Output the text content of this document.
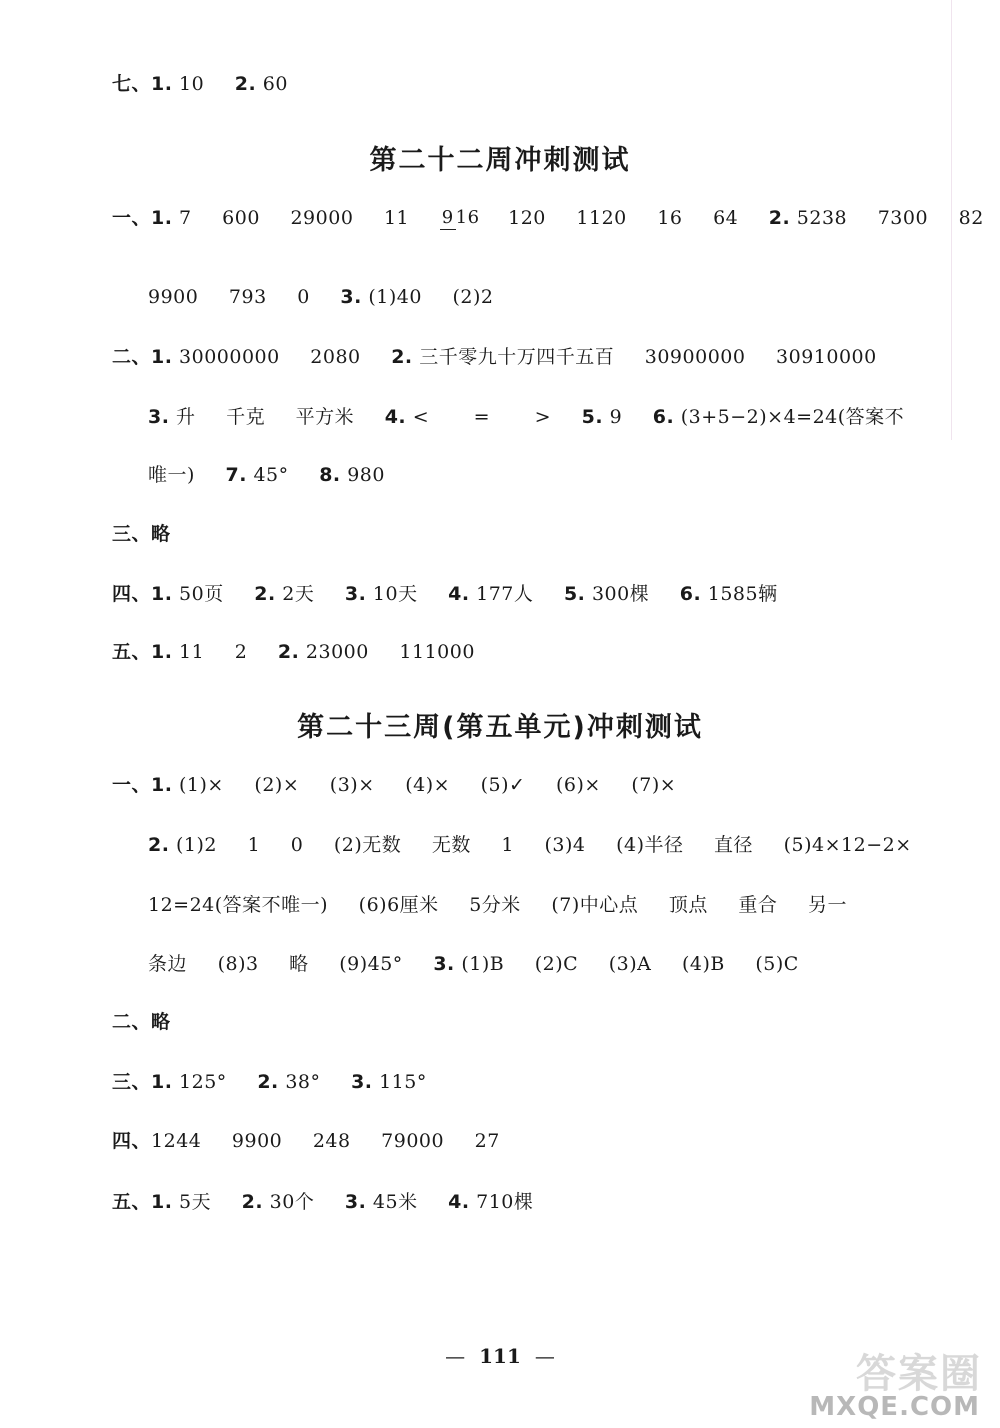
七、1. 10 2. 60
第二十二周冲刺测试
一、1. 7 600 29000 11 9 16 120 1120 16 64 2. 5238 7300 82
9900 793 0 3. (1)40 (2)2
二、1. 30000000 2080 2. 三千零九十万四千五百 30900000 30910000
3. 升 千克 平方米 4. < = > 5. 9 6. (3+5−2)×4=24(答案不
唯一) 7. 45° 8. 980
三、略
四、1. 50页 2. 2天 3. 10天 4. 177人 5. 300棵 6. 1585辆
五、1. 11 2 2. 23000 111000
第二十三周(第五单元)冲刺测试
一、1. (1)× (2)× (3)× (4)× (5)✓ (6)× (7)×
2. (1)2 1 0 (2)无数 无数 1 (3)4 (4)半径 直径 (5)4×12−2×
12=24(答案不唯一) (6)6厘米 5分米 (7)中心点 顶点 重合 另一
条边 (8)3 略 (9)45° 3. (1)B (2)C (3)A (4)B (5)C
二、略
三、1. 125° 2. 38° 3. 115°
四、1244 9900 248 79000 27
五、1. 5天 2. 30个 3. 45米 4. 710棵
— 111 —	答案圈
MXQE.COM
